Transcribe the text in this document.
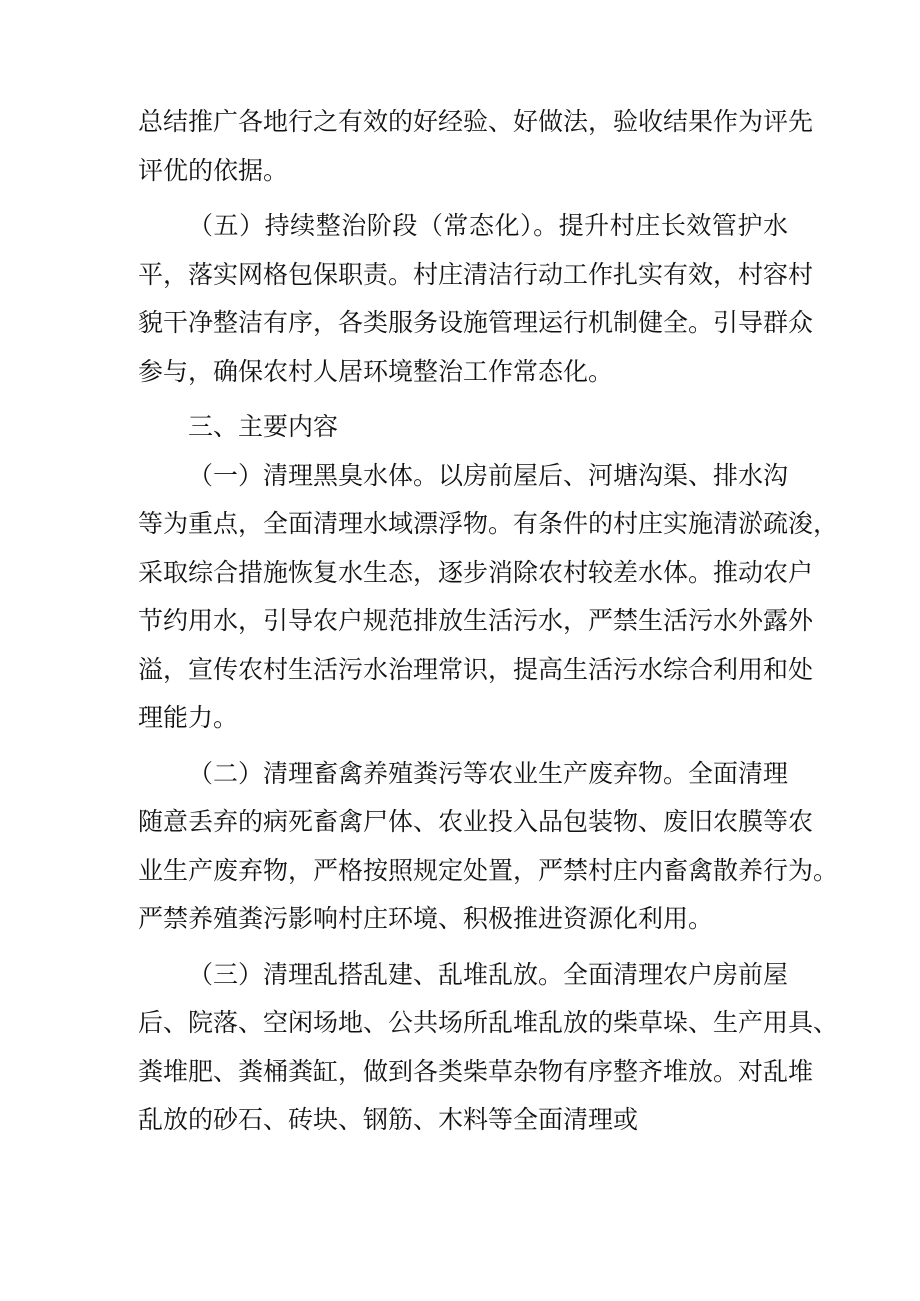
总结推广各地行之有效的好经验、好做法，验收结果作为评先
评优的依据。
（五）持续整治阶段（常态化）。提升村庄长效管护水
平，落实网格包保职责。村庄清洁行动工作扎实有效，村容村
貌干净整洁有序，各类服务设施管理运行机制健全。引导群众
参与，确保农村人居环境整治工作常态化。
三、主要内容
（一）清理黑臭水体。以房前屋后、河塘沟渠、排水沟
等为重点，全面清理水域漂浮物。有条件的村庄实施清淤疏浚，
采取综合措施恢复水生态，逐步消除农村较差水体。推动农户
节约用水，引导农户规范排放生活污水，严禁生活污水外露外
溢，宣传农村生活污水治理常识，提高生活污水综合利用和处
理能力。
（二）清理畜禽养殖粪污等农业生产废弃物。全面清理
随意丢弃的病死畜禽尸体、农业投入品包装物、废旧农膜等农
业生产废弃物，严格按照规定处置，严禁村庄内畜禽散养行为。
严禁养殖粪污影响村庄环境、积极推进资源化利用。
（三）清理乱搭乱建、乱堆乱放。全面清理农户房前屋
后、院落、空闲场地、公共场所乱堆乱放的柴草垛、生产用具、
粪堆肥、粪桶粪缸，做到各类柴草杂物有序整齐堆放。对乱堆
乱放的砂石、砖块、钢筋、木料等全面清理或
